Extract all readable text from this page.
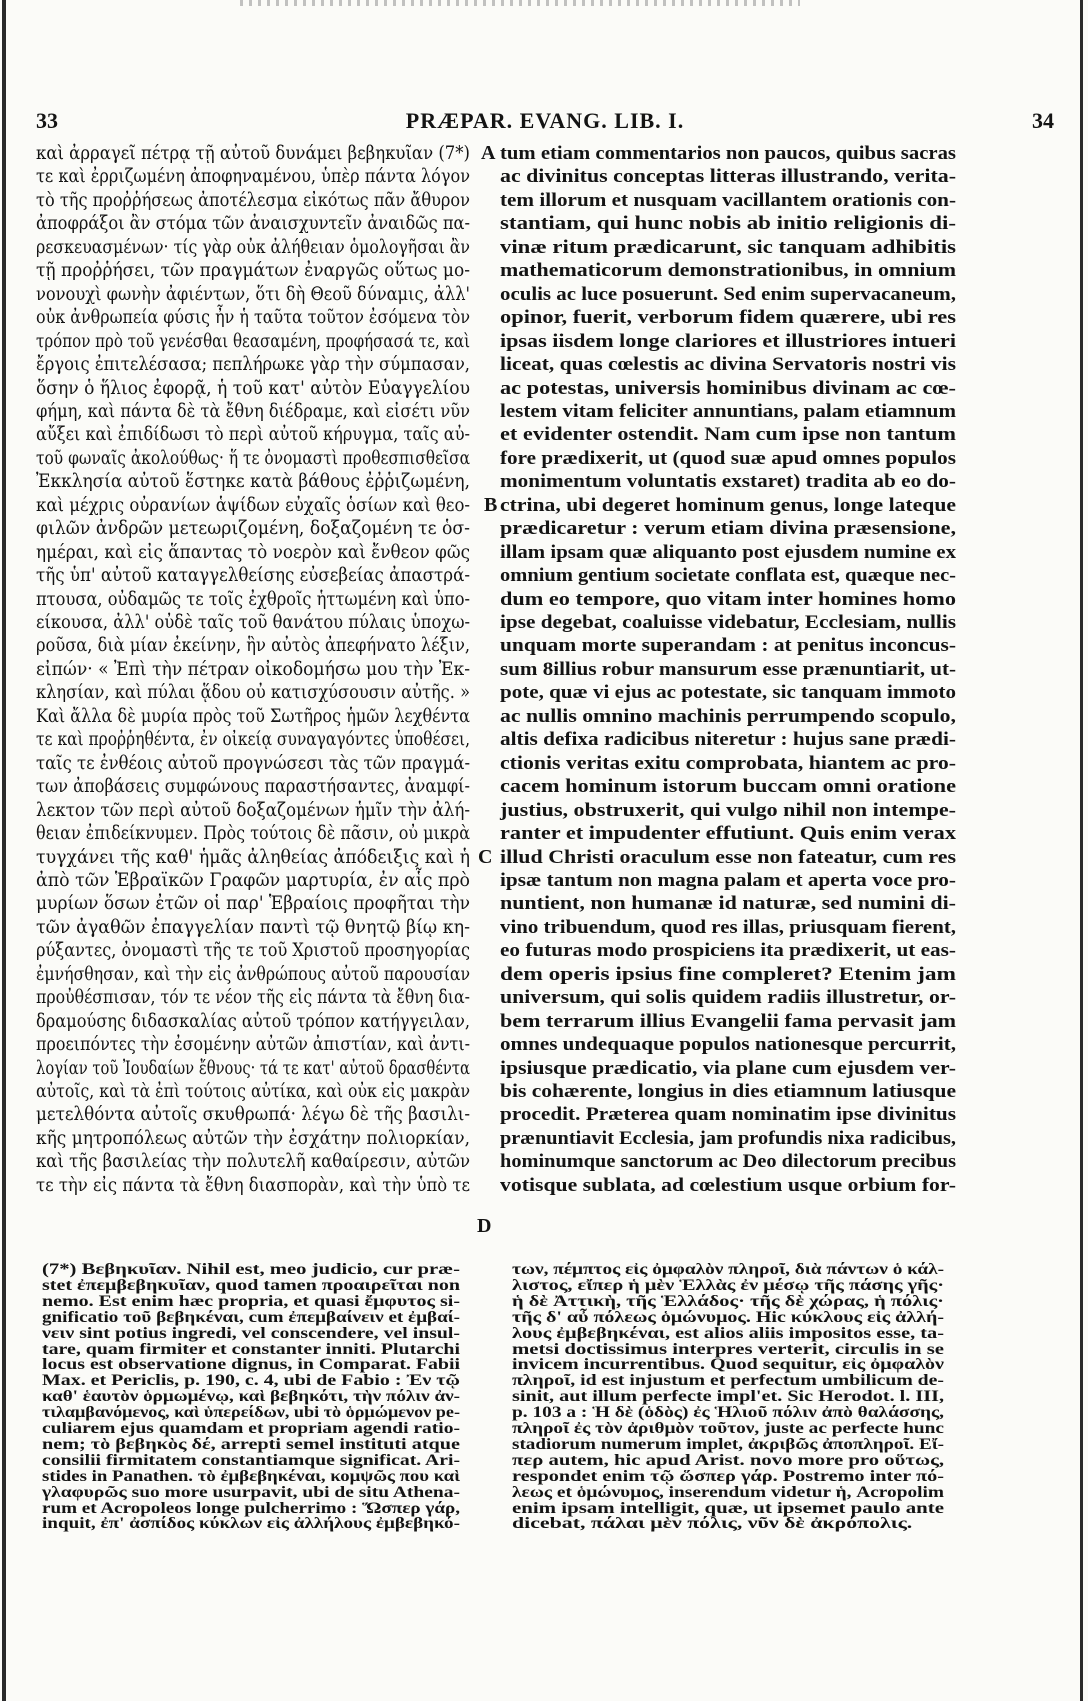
33	PRÆPAR. EVANG. LIB. I.	34
καὶ ἀρραγεῖ πέτρᾳ τῇ αὐτοῦ δυνάμει βεβηκυῖαν (7*)
τε καὶ ἐρριζωμένη ἀποφηναμένου, ὑπὲρ πάντα λόγον
τὸ τῆς προῤῥήσεως ἀποτέλεσμα εἰκότως πᾶν ἄθυρον
ἀποφράξοι ἂν στόμα τῶν ἀναισχυντεῖν ἀναιδῶς πα-
ρεσκευασμένων· τίς γὰρ οὐκ ἀλήθειαν ὁμολογῆσαι ἂν
τῇ προῤῥήσει, τῶν πραγμάτων ἐναργῶς οὕτως μο-
νονουχὶ φωνὴν ἀφιέντων, ὅτι δὴ Θεοῦ δύναμις, ἀλλ'
οὐκ ἀνθρωπεία φύσις ἦν ἡ ταῦτα τοῦτον ἐσόμενα τὸν
τρόπον πρὸ τοῦ γενέσθαι θεασαμένη, προφήσασά τε, καὶ
ἔργοις ἐπιτελέσασα; πεπλήρωκε γὰρ τὴν σύμπασαν,
ὅσην ὁ ἥλιος ἐφορᾷ, ἡ τοῦ κατ' αὐτὸν Εὐαγγελίου
φήμη, καὶ πάντα δὲ τὰ ἔθνη διέδραμε, καὶ εἰσέτι νῦν
αὔξει καὶ ἐπιδίδωσι τὸ περὶ αὐτοῦ κήρυγμα, ταῖς αὐ-
τοῦ φωναῖς ἀκολούθως· ἥ τε ὀνομαστὶ προθεσπισθεῖσα
Ἐκκλησία αὐτοῦ ἕστηκε κατὰ βάθους ἐῤῥιζωμένη,
καὶ μέχρις οὐρανίων ἁψίδων εὐχαῖς ὁσίων καὶ θεο-
φιλῶν ἀνδρῶν μετεωριζομένη, δοξαζομένη τε ὁσ-
ημέραι, καὶ εἰς ἅπαντας τὸ νοερὸν καὶ ἔνθεον φῶς
τῆς ὑπ' αὐτοῦ καταγγελθείσης εὐσεβείας ἀπαστρά-
πτουσα, οὐδαμῶς τε τοῖς ἐχθροῖς ἡττωμένη καὶ ὑπο-
είκουσα, ἀλλ' οὐδὲ ταῖς τοῦ θανάτου πύλαις ὑποχω-
ροῦσα, διὰ μίαν ἐκείνην, ἣν αὐτὸς ἀπεφήνατο λέξιν,
εἰπών· « Ἐπὶ τὴν πέτραν οἰκοδομήσω μου τὴν Ἐκ-
κλησίαν, καὶ πύλαι ᾅδου οὐ κατισχύσουσιν αὐτῆς. »
Καὶ ἄλλα δὲ μυρία πρὸς τοῦ Σωτῆρος ἡμῶν λεχθέντα
τε καὶ προῤῥηθέντα, ἐν οἰκείᾳ συναγαγόντες ὑποθέσει,
ταῖς τε ἐνθέοις αὐτοῦ προγνώσεσι τὰς τῶν πραγμά-
των ἀποβάσεις συμφώνους παραστήσαντες, ἀναμφί-
λεκτον τῶν περὶ αὐτοῦ δοξαζομένων ἡμῖν τὴν ἀλή-
θειαν ἐπιδείκνυμεν. Πρὸς τούτοις δὲ πᾶσιν, οὐ μικρὰ
τυγχάνει τῆς καθ' ἡμᾶς ἀληθείας ἀπόδειξις καὶ ἡ
ἀπὸ τῶν Ἑβραϊκῶν Γραφῶν μαρτυρία, ἐν αἷς πρὸ
μυρίων ὅσων ἐτῶν οἱ παρ' Ἑβραίοις προφῆται τὴν
τῶν ἀγαθῶν ἐπαγγελίαν παντὶ τῷ θνητῷ βίῳ κη-
ρύξαντες, ὀνομαστὶ τῆς τε τοῦ Χριστοῦ προσηγορίας
ἐμνήσθησαν, καὶ τὴν εἰς ἀνθρώπους αὐτοῦ παρουσίαν
προὐθέσπισαν, τόν τε νέον τῆς εἰς πάντα τὰ ἔθνη δια-
δραμούσης διδασκαλίας αὐτοῦ τρόπον κατήγγειλαν,
προειπόντες τὴν ἐσομένην αὐτῶν ἀπιστίαν, καὶ ἀντι-
λογίαν τοῦ Ἰουδαίων ἔθνους· τά τε κατ' αὐτοῦ δρασθέντα
αὐτοῖς, καὶ τὰ ἐπὶ τούτοις αὐτίκα, καὶ οὐκ εἰς μακρὰν
μετελθόντα αὐτοῖς σκυθρωπά· λέγω δὲ τῆς βασιλι-
κῆς μητροπόλεως αὐτῶν τὴν ἐσχάτην πολιορκίαν,
καὶ τῆς βασιλείας τὴν πολυτελῆ καθαίρεσιν, αὐτῶν
τε τὴν εἰς πάντα τὰ ἔθνη διασπορὰν, καὶ τὴν ὑπὸ τε
tum etiam commentarios non paucos, quibus sacras
ac divinitus conceptas litteras illustrando, verita-
tem illorum et nusquam vacillantem orationis con-
stantiam, qui hunc nobis ab initio religionis di-
vinæ ritum prædicarunt, sic tanquam adhibitis
mathematicorum demonstrationibus, in omnium
oculis ac luce posuerunt. Sed enim supervacaneum,
opinor, fuerit, verborum fidem quærere, ubi res
ipsas iisdem longe clariores et illustriores intueri
liceat, quas cœlestis ac divina Servatoris nostri vis
ac potestas, universis hominibus divinam ac cœ-
lestem vitam feliciter annuntians, palam etiamnum
et evidenter ostendit. Nam cum ipse non tantum
fore prædixerit, ut (quod suæ apud omnes populos
monimentum voluntatis exstaret) tradita ab eo do-
ctrina, ubi degeret hominum genus, longe lateque
prædicaretur : verum etiam divina præsensione,
illam ipsam quæ aliquanto post ejusdem numine ex
omnium gentium societate conflata est, quæque nec-
dum eo tempore, quo vitam inter homines homo
ipse degebat, coaluisse videbatur, Ecclesiam, nullis
unquam morte superandam : at penitus inconcus-
sum 8illius robur mansurum esse prænuntiarit, ut-
pote, quæ vi ejus ac potestate, sic tanquam immoto
ac nullis omnino machinis perrumpendo scopulo,
altis defixa radicibus niteretur : hujus sane prædi-
ctionis veritas exitu comprobata, hiantem ac pro-
cacem hominum istorum buccam omni oratione
justius, obstruxerit, qui vulgo nihil non intempe-
ranter et impudenter effutiunt. Quis enim verax
illud Christi oraculum esse non fateatur, cum res
ipsæ tantum non magna palam et aperta voce pro-
nuntient, non humanæ id naturæ, sed numini di-
vino tribuendum, quod res illas, priusquam fierent,
eo futuras modo prospiciens ita prædixerit, ut eas-
dem operis ipsius fine compleret? Etenim jam
universum, qui solis quidem radiis illustretur, or-
bem terrarum illius Evangelii fama pervasit jam
omnes undequaque populos nationesque percurrit,
ipsiusque prædicatio, via plane cum ejusdem ver-
bis cohærente, longius in dies etiamnum latiusque
procedit. Præterea quam nominatim ipse divinitus
prænuntiavit Ecclesia, jam profundis nixa radicibus,
hominumque sanctorum ac Deo dilectorum precibus
votisque sublata, ad cœlestium usque orbium for-
A
B
C
D
(7*) Βεβηκυῖαν. Nihil est, meo judicio, cur præ-
stet ἐπεμβεβηκυῖαν, quod tamen προαιρεῖται non
nemo. Est enim hæc propria, et quasi ἔμφυτος si-
gnificatio τοῦ βεβηκέναι, cum ἐπεμβαίνειν et ἐμβαί-
νειν sint potius ingredi, vel conscendere, vel insul-
tare, quam firmiter et constanter inniti. Plutarchi
locus est observatione dignus, in Comparat. Fabii
Max. et Periclis, p. 190, c. 4, ubi de Fabio : Ἐν τῷ
καθ' ἑαυτὸν ὁρμωμένῳ, καὶ βεβηκότι, τὴν πόλιν ἀν-
τιλαμβανόμενος, καὶ ὑπερείδων, ubi τὸ ὁρμώμενον pe-
culiarem ejus quamdam et propriam agendi ratio-
nem; τὸ βεβηκὸς δέ, arrepti semel instituti atque
consilii firmitatem constantiamque significat. Ari-
stides in Panathen. τὸ ἐμβεβηκέναι, κομψῶς που καὶ
γλαφυρῶς suo more usurpavit, ubi de situ Athena-
rum et Acropoleos longe pulcherrimo : Ὥσπερ γάρ,
inquit, ἐπ' ἀσπίδος κύκλων εἰς ἀλλήλους ἐμβεβηκό-
των, πέμπτος εἰς ὀμφαλὸν πληροῖ, διὰ πάντων ὁ κάλ-
λιστος, εἴπερ ἡ μὲν Ἑλλὰς ἐν μέσῳ τῆς πάσης γῆς·
ἡ δὲ Ἀττικὴ, τῆς Ἑλλάδος· τῆς δὲ χώρας, ἡ πόλις·
τῆς δ' αὖ πόλεως ὁμώνυμος. Hic κύκλους εἰς ἀλλή-
λους ἐμβεβηκέναι, est alios aliis impositos esse, ta-
metsi doctissimus interpres verterit, circulis in se
invicem incurrentibus. Quod sequitur, εἰς ὀμφαλὸν
πληροῖ, id est injustum et perfectum umbilicum de-
sinit, aut illum perfecte impl'et. Sic Herodot. l. III,
p. 103 a : Ἡ δὲ (ὁδὸς) ἐς Ἡλιοῦ πόλιν ἀπὸ θαλάσσης,
πληροῖ ἐς τὸν ἀριθμὸν τοῦτον, juste ac perfecte hunc
stadiorum numerum implet, ἀκριβῶς ἀποπληροῖ. Εἴ-
περ autem, hic apud Arist. novo more pro οὕτως,
respondet enim τῷ ὥσπερ γάρ. Postremo inter πό-
λεως et ὁμώνυμος, inserendum videtur ἡ, Acropolim
enim ipsam intelligit, quæ, ut ipsemet paulo ante
dicebat, πάλαι μὲν πόλις, νῦν δὲ ἀκρόπολις.
